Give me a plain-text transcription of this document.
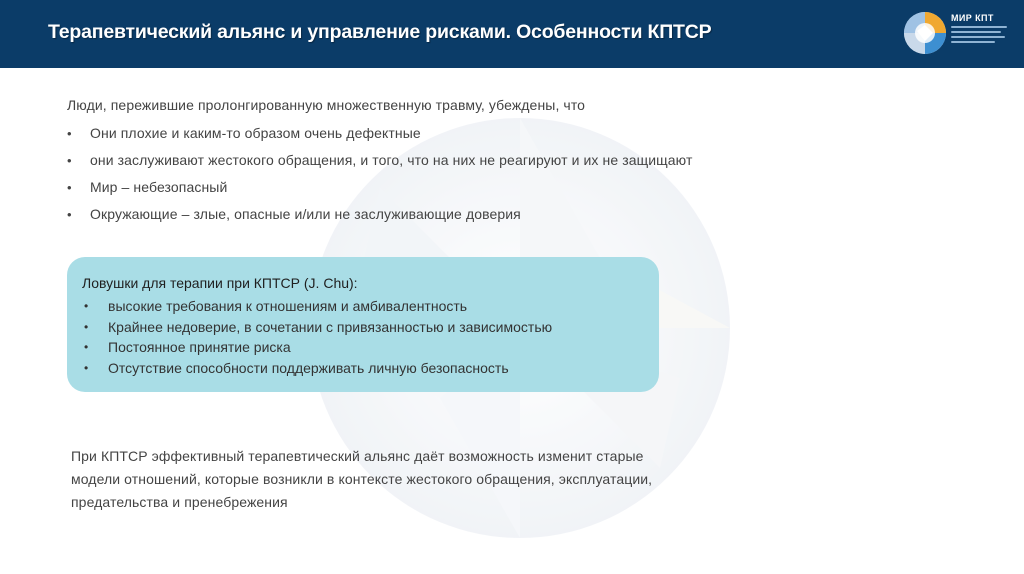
Терапевтический альянс и управление рисками. Особенности КПТСР
МИР КПТ
Люди, пережившие пролонгированную множественную травму, убеждены, что
• Они плохие и каким-то образом очень дефектные
• они заслуживают жестокого обращения, и того, что на них не реагируют и их не защищают
• Мир – небезопасный
• Окружающие – злые, опасные и/или не заслуживающие доверия
Ловушки для терапии при КПТСР (J. Chu):
• высокие требования к отношениям и амбивалентность
• Крайнее недоверие, в сочетании с привязанностью и зависимостью
• Постоянное принятие риска
• Отсутствие способности поддерживать личную безопасность
При КПТСР эффективный терапевтический альянс даёт возможность изменит старые
модели отношений, которые возникли в контексте жестокого обращения, эксплуатации,
предательства и пренебрежения
